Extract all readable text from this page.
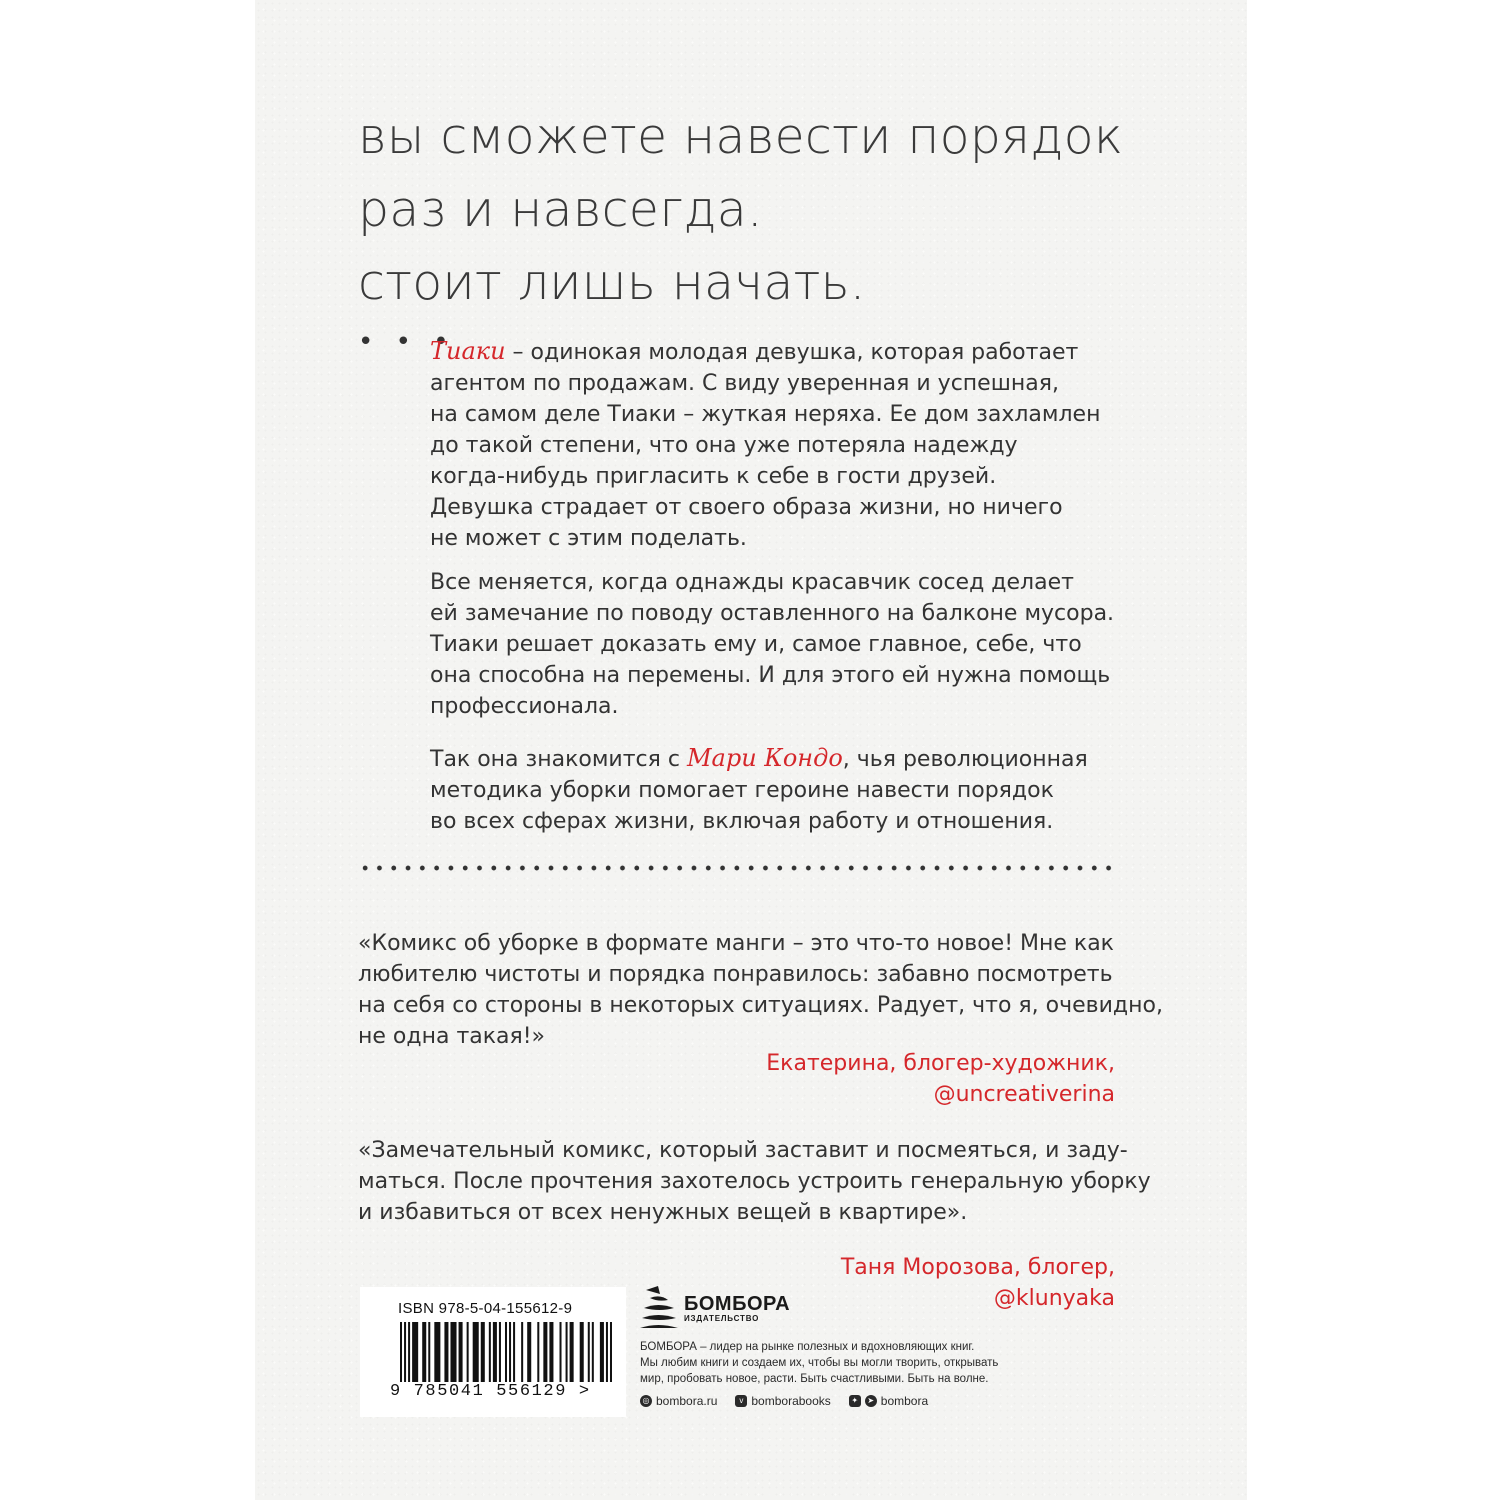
вы сможете навести порядок
раз и навсегда.
стоит лишь начать.
• • •
Тиаки – одинокая молодая девушка, которая работает
агентом по продажам. С виду уверенная и успешная,
на самом деле Тиаки – жуткая неряха. Ее дом захламлен
до такой степени, что она уже потеряла надежду
когда-нибудь пригласить к себе в гости друзей.
Девушка страдает от своего образа жизни, но ничего
не может с этим поделать.
Все меняется, когда однажды красавчик сосед делает
ей замечание по поводу оставленного на балконе мусора.
Тиаки решает доказать ему и, самое главное, себе, что
она способна на перемены. И для этого ей нужна помощь
профессионала.
Так она знакомится с Мари Кондо, чья революционная
методика уборки помогает героине навести порядок
во всех сферах жизни, включая работу и отношения.
«Комикс об уборке в формате манги – это что-то новое! Мне как
любителю чистоты и порядка понравилось: забавно посмотреть
на себя со стороны в некоторых ситуациях. Радует, что я, очевидно,
не одна такая!»
Екатерина, блогер-художник,
@uncreativerina
«Замечательный комикс, который заставит и посмеяться, и заду-
маться. После прочтения захотелось устроить генеральную уборку
и избавиться от всех ненужных вещей в квартире».
Таня Морозова, блогер,
@klunyaka
ISBN 978-5-04-155612-9
9 785041 556129 >
БОМБОРА
ИЗДАТЕЛЬСТВО
БОМБОРА – лидер на рынке полезных и вдохновляющих книг.
Мы любим книги и создаем их, чтобы вы могли творить, открывать
мир, пробовать новое, расти. Быть счастливыми. Быть на волне.
◎ bombora.ru	v bomborabooks	✦	➤ bombora
